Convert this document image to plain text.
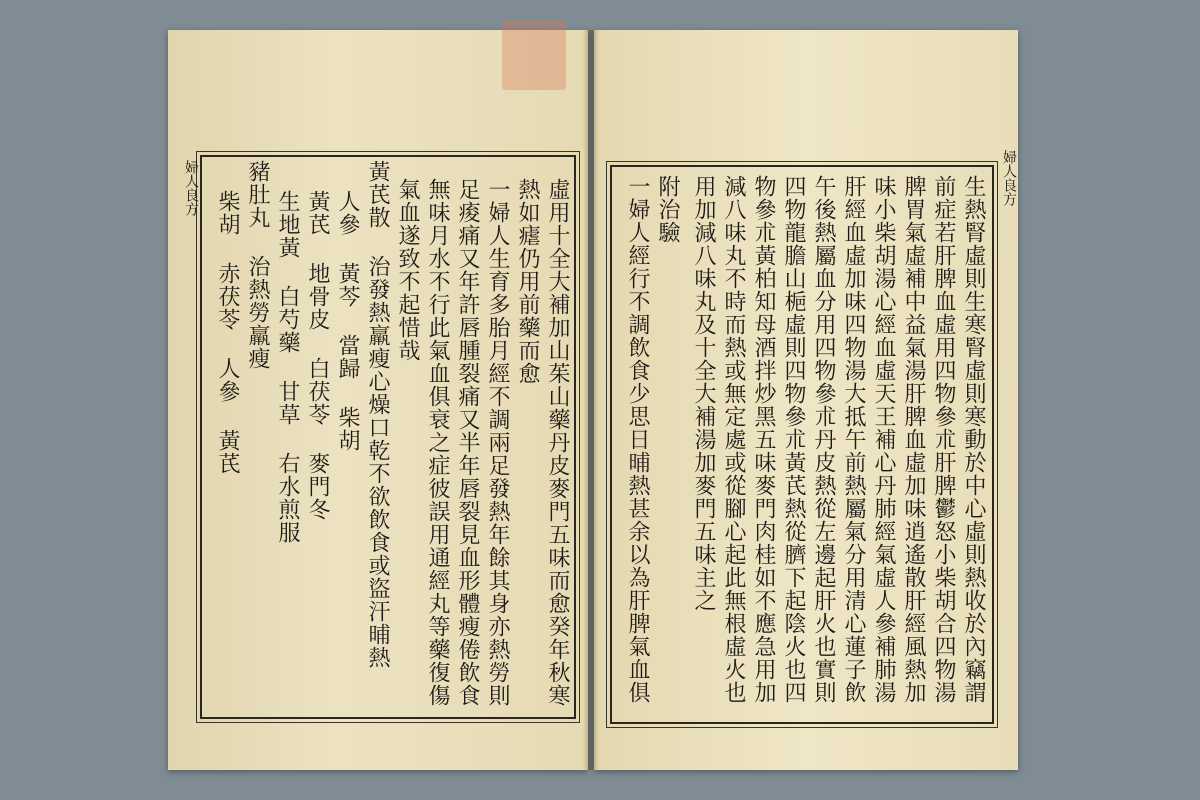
婦人良方	婦人良方
虛用十全大補加山茱山藥丹皮麥門五味而愈癸年秋寒
熱如瘧仍用前藥而愈
一婦人生育多胎月經不調兩足發熱年餘其身亦熱勞則
足痠痛又年許唇腫裂痛又半年唇裂見血形體瘦倦飲食
無味月水不行此氣血俱衰之症彼誤用通經丸等藥復傷
氣血遂致不起惜哉
黃芪散 治發熱羸瘦心燥口乾不欲飲食或盜汗晡熱
人參 黃芩 當歸 柴胡
黃芪 地骨皮 白茯苓 麥門冬
生地黃 白芍藥 甘草 右水煎服
豬肚丸 治熱勞羸瘦
柴胡 赤茯苓 人參 黃芪	生熱腎虛則生寒腎虛則寒動於中心虛則熱收於內竊謂
前症若肝脾血虛用四物參朮肝脾鬱怒小柴胡合四物湯
脾胃氣虛補中益氣湯肝脾血虛加味逍遙散肝經風熱加
味小柴胡湯心經血虛天王補心丹肺經氣虛人參補肺湯
肝經血虛加味四物湯大抵午前熱屬氣分用清心蓮子飲
午後熱屬血分用四物參朮丹皮熱從左邊起肝火也實則
四物龍膽山梔虛則四物參朮黃芪熱從臍下起陰火也四
物參朮黃柏知母酒拌炒黑五味麥門肉桂如不應急用加
減八味丸不時而熱或無定處或從腳心起此無根虛火也
用加減八味丸及十全大補湯加麥門五味主之
附治驗
一婦人經行不調飲食少思日晡熱甚余以為肝脾氣血俱
